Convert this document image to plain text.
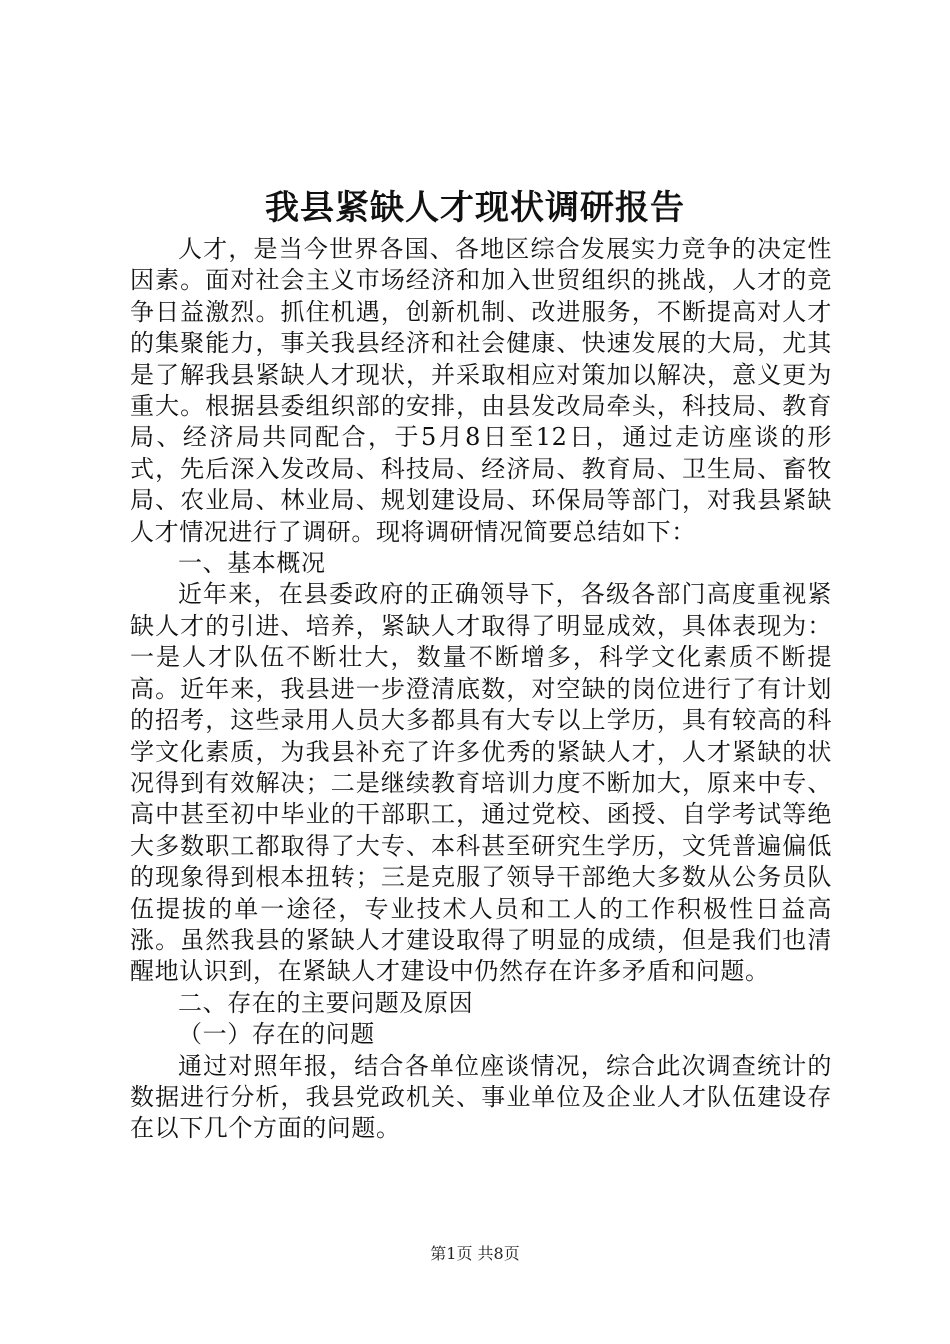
我县紧缺人才现状调研报告

人才，是当今世界各国、各地区综合发展实力竞争的决定性因素。面对社会主义市场经济和加入世贸组织的挑战，人才的竞争日益激烈。抓住机遇，创新机制、改进服务，不断提高对人才的集聚能力，事关我县经济和社会健康、快速发展的大局，尤其是了解我县紧缺人才现状，并采取相应对策加以解决，意义更为重大。根据县委组织部的安排，由县发改局牵头，科技局、教育局、经济局共同配合，于5月8日至12日，通过走访座谈的形式，先后深入发改局、科技局、经济局、教育局、卫生局、畜牧局、农业局、林业局、规划建设局、环保局等部门，对我县紧缺人才情况进行了调研。现将调研情况简要总结如下：

一、基本概况

近年来，在县委政府的正确领导下，各级各部门高度重视紧缺人才的引进、培养，紧缺人才取得了明显成效，具体表现为：一是人才队伍不断壮大，数量不断增多，科学文化素质不断提高。近年来，我县进一步澄清底数，对空缺的岗位进行了有计划的招考，这些录用人员大多都具有大专以上学历，具有较高的科学文化素质，为我县补充了许多优秀的紧缺人才，人才紧缺的状况得到有效解决；二是继续教育培训力度不断加大，原来中专、高中甚至初中毕业的干部职工，通过党校、函授、自学考试等绝大多数职工都取得了大专、本科甚至研究生学历，文凭普遍偏低的现象得到根本扭转；三是克服了领导干部绝大多数从公务员队伍提拔的单一途径，专业技术人员和工人的工作积极性日益高涨。虽然我县的紧缺人才建设取得了明显的成绩，但是我们也清醒地认识到，在紧缺人才建设中仍然存在许多矛盾和问题。

二、存在的主要问题及原因

（一）存在的问题

通过对照年报，结合各单位座谈情况，综合此次调查统计的数据进行分析，我县党政机关、事业单位及企业人才队伍建设存在以下几个方面的问题。

第1页 共8页
